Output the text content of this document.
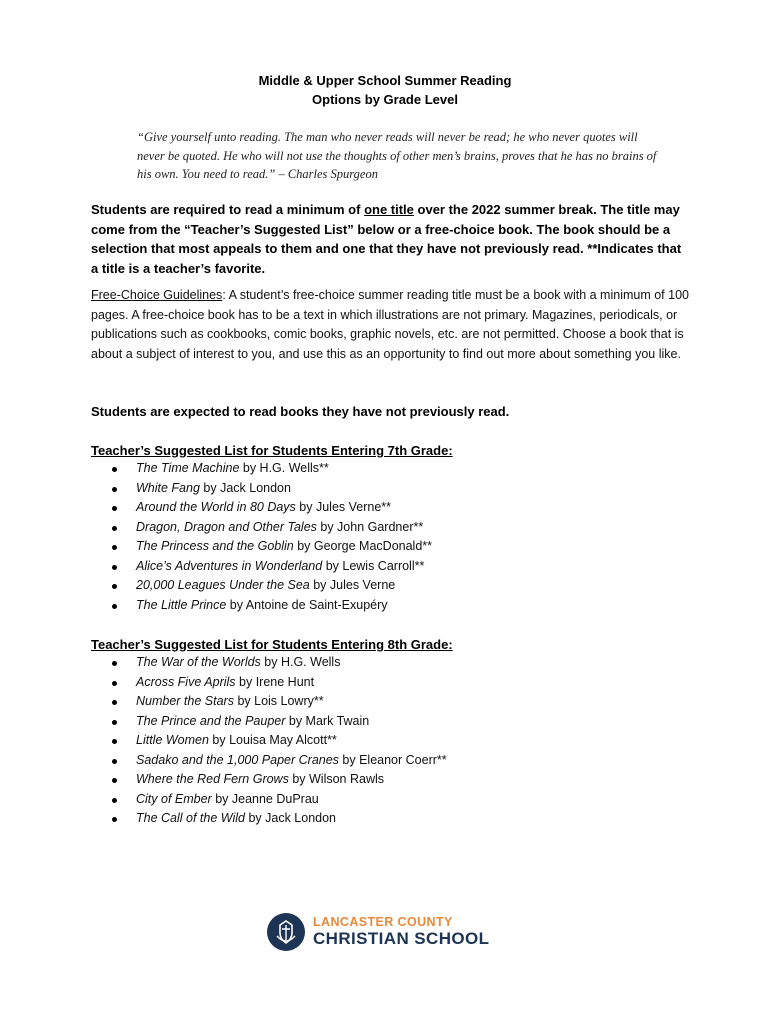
Middle & Upper School Summer Reading
Options by Grade Level
“Give yourself unto reading. The man who never reads will never be read; he who never quotes will never be quoted. He who will not use the thoughts of other men’s brains, proves that he has no brains of his own. You need to read.” – Charles Spurgeon
Students are required to read a minimum of one title over the 2022 summer break. The title may come from the “Teacher’s Suggested List” below or a free-choice book. The book should be a selection that most appeals to them and one that they have not previously read. **Indicates that a title is a teacher’s favorite.
Free-Choice Guidelines: A student’s free-choice summer reading title must be a book with a minimum of 100 pages. A free-choice book has to be a text in which illustrations are not primary. Magazines, periodicals, or publications such as cookbooks, comic books, graphic novels, etc. are not permitted. Choose a book that is about a subject of interest to you, and use this as an opportunity to find out more about something you like.
Students are expected to read books they have not previously read.
Teacher’s Suggested List for Students Entering 7th Grade:
The Time Machine by H.G. Wells**
White Fang by Jack London
Around the World in 80 Days by Jules Verne**
Dragon, Dragon and Other Tales by John Gardner**
The Princess and the Goblin by George MacDonald**
Alice’s Adventures in Wonderland by Lewis Carroll**
20,000 Leagues Under the Sea by Jules Verne
The Little Prince by Antoine de Saint-Exupéry
Teacher’s Suggested List for Students Entering 8th Grade:
The War of the Worlds by H.G. Wells
Across Five Aprils by Irene Hunt
Number the Stars by Lois Lowry**
The Prince and the Pauper by Mark Twain
Little Women by Louisa May Alcott**
Sadako and the 1,000 Paper Cranes by Eleanor Coerr**
Where the Red Fern Grows by Wilson Rawls
City of Ember by Jeanne DuPrau
The Call of the Wild by Jack London
LANCASTER COUNTY
CHRISTIAN SCHOOL
